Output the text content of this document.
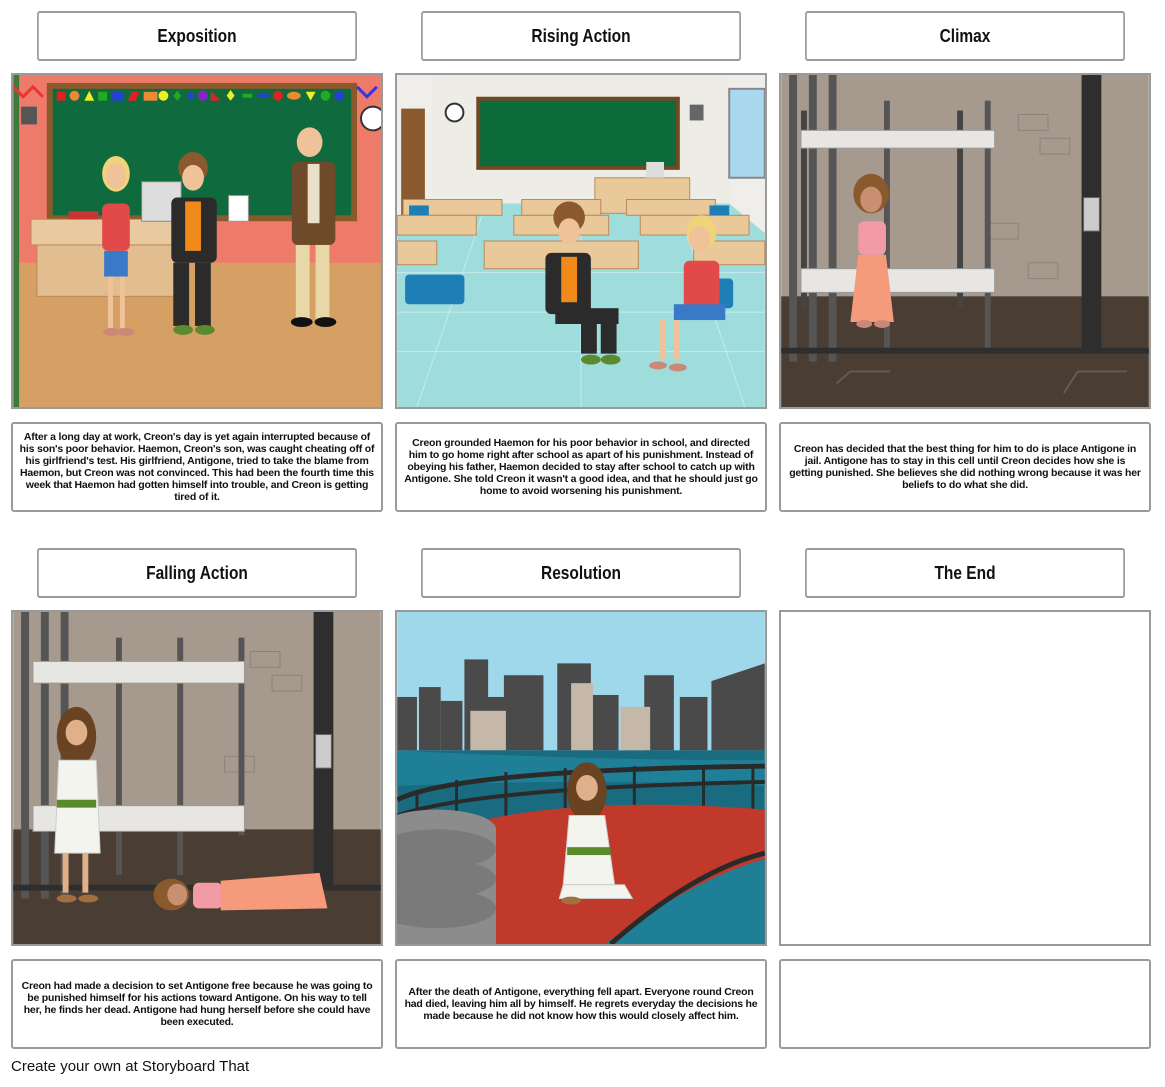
Exposition	Rising Action	Climax
After a long day at work, Creon's day is yet again interrupted because of his son's poor behavior. Haemon, Creon's son, was caught cheating off of his girlfriend's test. His girlfriend, Antigone, tried to take the blame from Haemon, but Creon was not convinced. This had been the fourth time this week that Haemon had gotten himself into trouble, and Creon is getting tired of it.
Creon grounded Haemon for his poor behavior in school, and directed him to go home right after school as apart of his punishment. Instead of obeying his father, Haemon decided to stay after school to catch up with Antigone. She told Creon it wasn't a good idea, and that he should just go home to avoid worsening his punishment.
Creon has decided that the best thing for him to do is place Antigone in jail. Antigone has to stay in this cell until Creon decides how she is getting punished. She believes she did nothing wrong because it was her beliefs to do what she did.
Falling Action	Resolution	The End
Creon had made a decision to set Antigone free because he was going to be punished himself for his actions toward Antigone. On his way to tell her, he finds her dead. Antigone had hung herself before she could have been executed.
After the death of Antigone, everything fell apart. Everyone round Creon had died, leaving him all by himself. He regrets everyday the decisions he made because he did not know how this would closely affect him.
Create your own at Storyboard That
